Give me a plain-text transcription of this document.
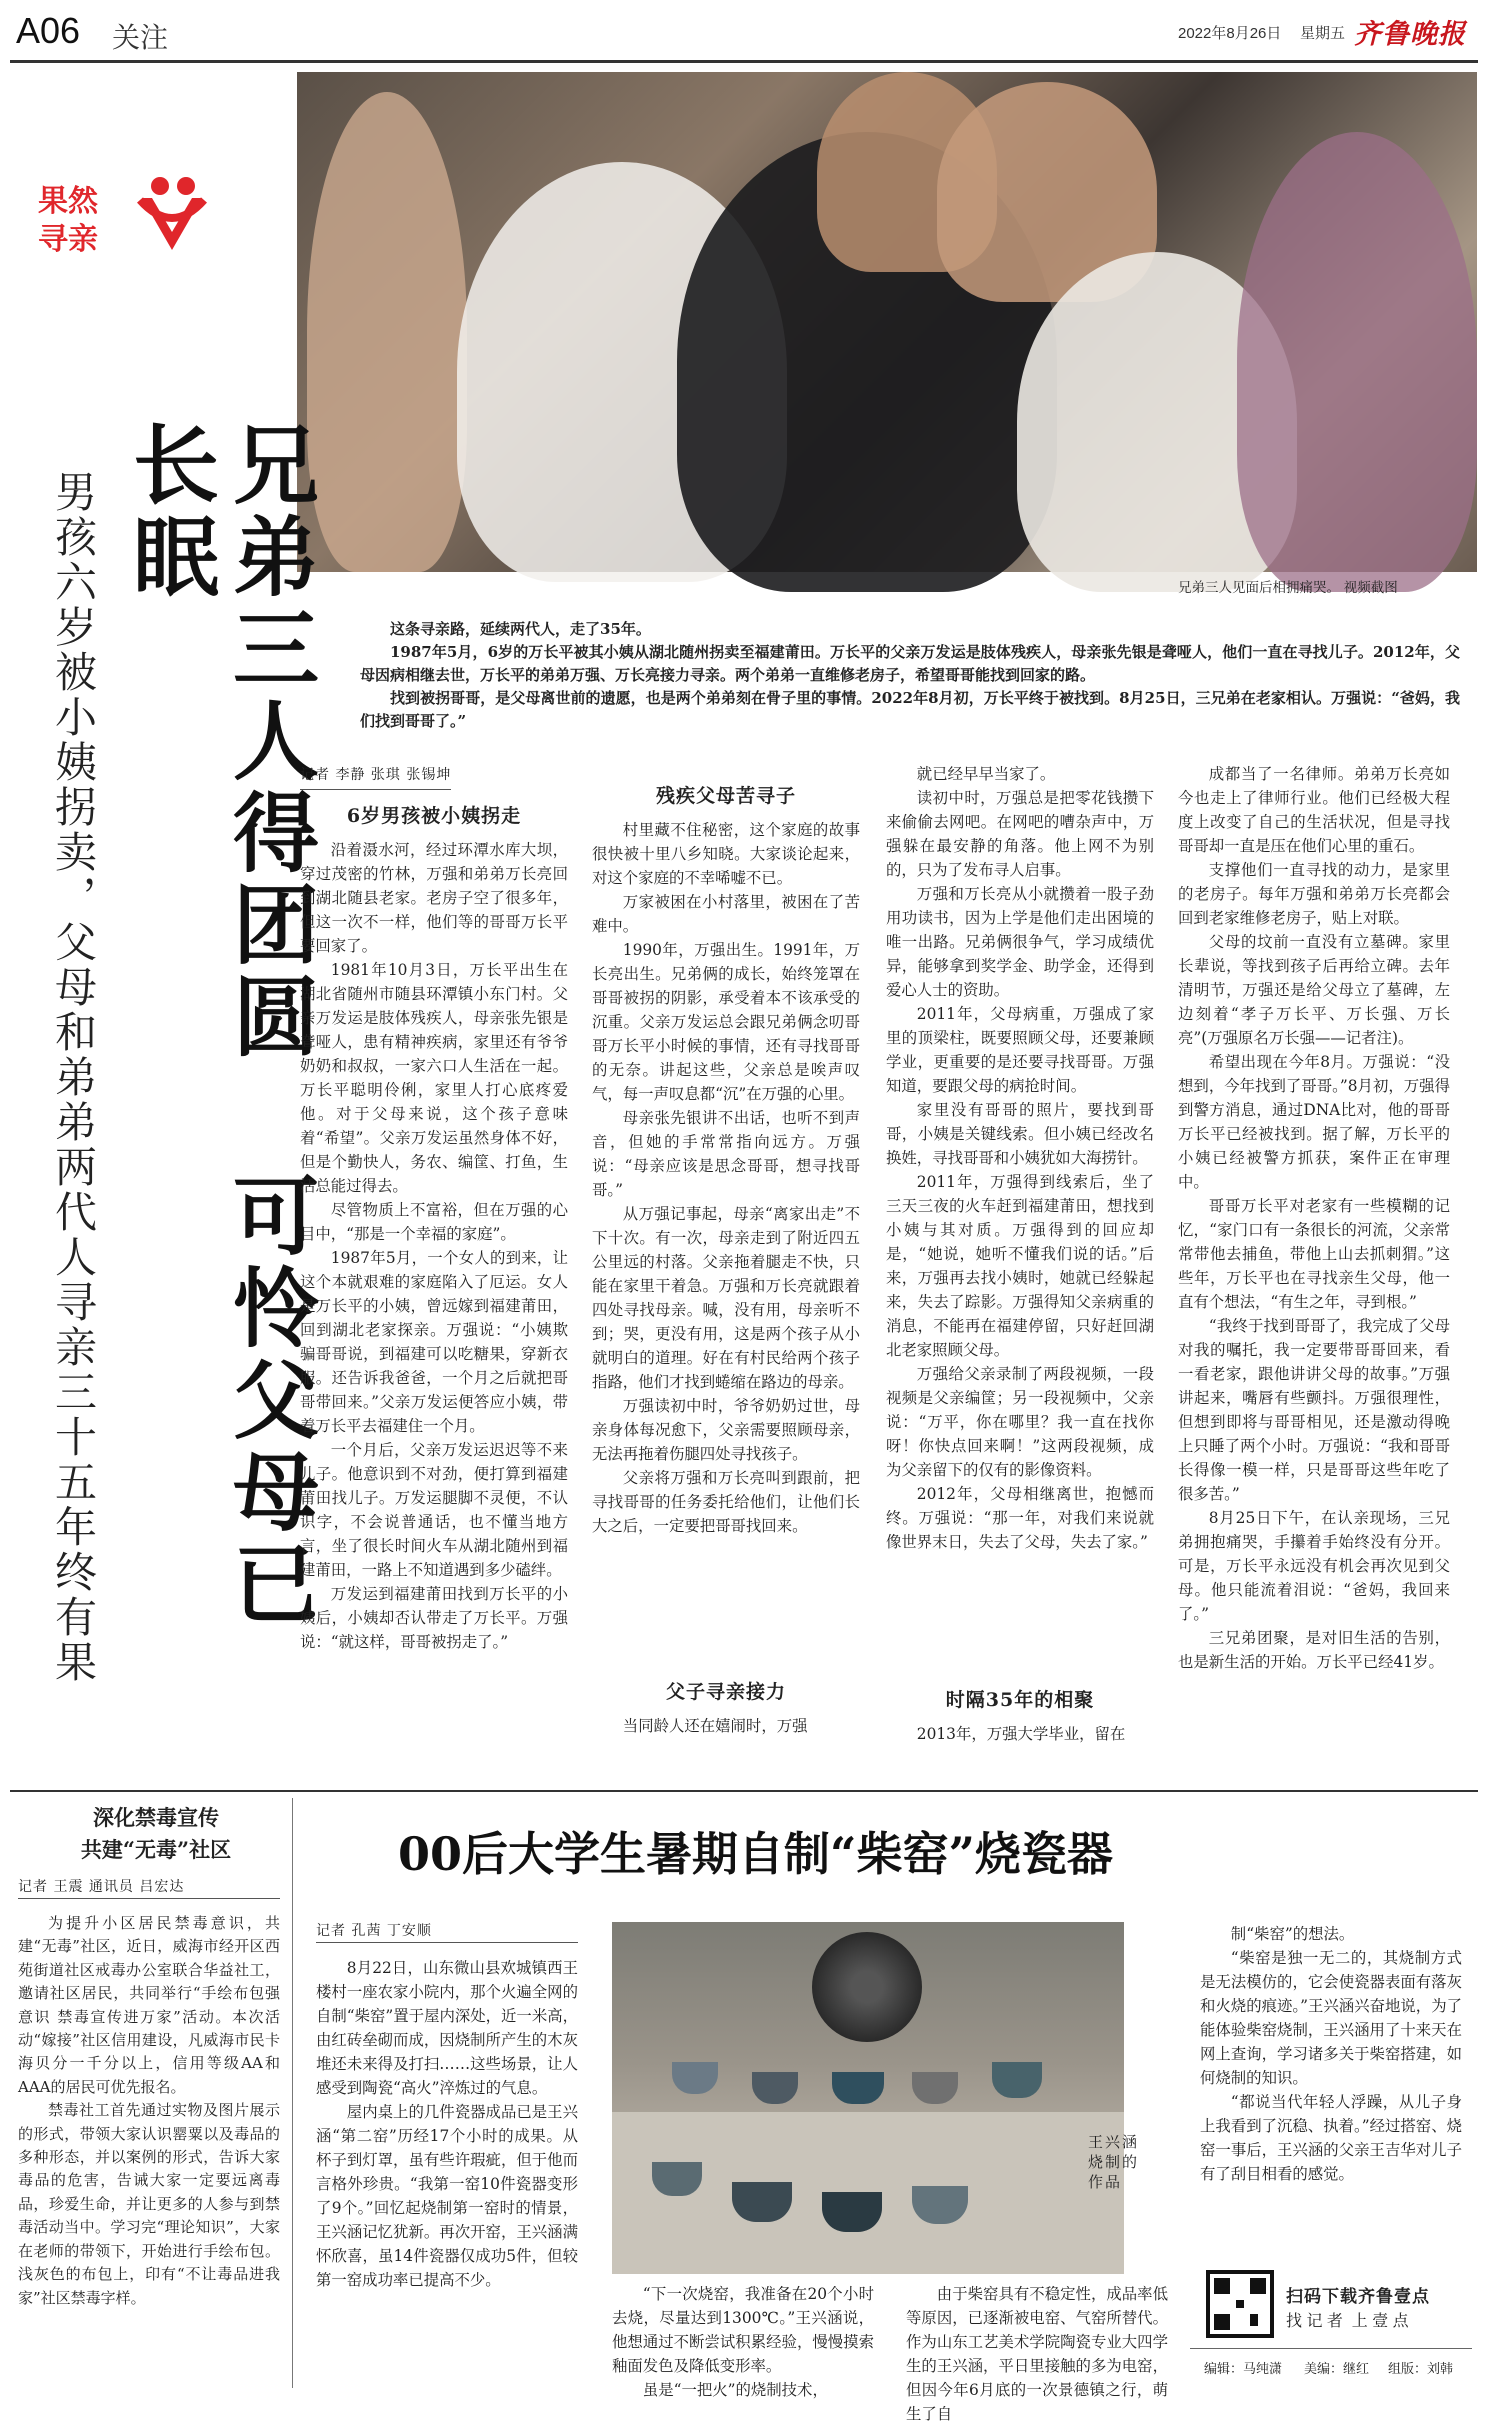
A06 关注	2022年8月26日 星期五 齐鲁晚报
兄弟三人见面后相拥痛哭。 视频截图
果然
寻亲
兄弟三人得团圆 可怜父母已长眠
男孩六岁被小姨拐卖，父母和弟弟两代人寻亲三十五年终有果	这条寻亲路，延续两代人，走了35年。

1987年5月，6岁的万长平被其小姨从湖北随州拐卖至福建莆田。万长平的父亲万发运是肢体残疾人，母亲张先银是聋哑人，他们一直在寻找儿子。2012年，父母因病相继去世，万长平的弟弟万强、万长亮接力寻亲。两个弟弟一直维修老房子，希望哥哥能找到回家的路。

找到被拐哥哥，是父母离世前的遗愿，也是两个弟弟刻在骨子里的事情。2022年8月初，万长平终于被找到。8月25日，三兄弟在老家相认。万强说：“爸妈，我们找到哥哥了。”

记者 李静 张琪 张锡坤
6岁男孩被小姨拐走

沿着滠水河，经过环潭水库大坝，穿过茂密的竹林，万强和弟弟万长亮回到湖北随县老家。老房子空了很多年，但这一次不一样，他们等的哥哥万长平要回家了。

1981年10月3日，万长平出生在湖北省随州市随县环潭镇小东门村。父亲万发运是肢体残疾人，母亲张先银是聋哑人，患有精神疾病，家里还有爷爷奶奶和叔叔，一家六口人生活在一起。万长平聪明伶俐，家里人打心底疼爱他。对于父母来说，这个孩子意味着“希望”。父亲万发运虽然身体不好，但是个勤快人，务农、编筐、打鱼，生活总能过得去。

尽管物质上不富裕，但在万强的心目中，“那是一个幸福的家庭”。

1987年5月，一个女人的到来，让这个本就艰难的家庭陷入了厄运。女人是万长平的小姨，曾远嫁到福建莆田，回到湖北老家探亲。万强说：“小姨欺骗哥哥说，到福建可以吃糖果，穿新衣服。还告诉我爸爸，一个月之后就把哥哥带回来。”父亲万发运便答应小姨，带着万长平去福建住一个月。

一个月后，父亲万发运迟迟等不来儿子。他意识到不对劲，便打算到福建莆田找儿子。万发运腿脚不灵便，不认识字，不会说普通话，也不懂当地方言，坐了很长时间火车从湖北随州到福建莆田，一路上不知道遇到多少磕绊。

万发运到福建莆田找到万长平的小姨后，小姨却否认带走了万长平。万强说：“就这样，哥哥被拐走了。”

残疾父母苦寻子

村里藏不住秘密，这个家庭的故事很快被十里八乡知晓。大家谈论起来，对这个家庭的不幸唏嘘不已。

万家被困在小村落里，被困在了苦难中。

1990年，万强出生。1991年，万长亮出生。兄弟俩的成长，始终笼罩在哥哥被拐的阴影，承受着本不该承受的沉重。父亲万发运总会跟兄弟俩念叨哥哥万长平小时候的事情，还有寻找哥哥的无奈。讲起这些，父亲总是唉声叹气，每一声叹息都“沉”在万强的心里。

母亲张先银讲不出话，也听不到声音，但她的手常常指向远方。万强说：“母亲应该是思念哥哥，想寻找哥哥。”

从万强记事起，母亲“离家出走”不下十次。有一次，母亲走到了附近四五公里远的村落。父亲拖着腿走不快，只能在家里干着急。万强和万长亮就跟着四处寻找母亲。喊，没有用，母亲听不到；哭，更没有用，这是两个孩子从小就明白的道理。好在有村民给两个孩子指路，他们才找到蜷缩在路边的母亲。

万强读初中时，爷爷奶奶过世，母亲身体每况愈下，父亲需要照顾母亲，无法再拖着伤腿四处寻找孩子。

父亲将万强和万长亮叫到跟前，把寻找哥哥的任务委托给他们，让他们长大之后，一定要把哥哥找回来。

父子寻亲接力

当同龄人还在嬉闹时，万强

就已经早早当家了。

读初中时，万强总是把零花钱攒下来偷偷去网吧。在网吧的嘈杂声中，万强躲在最安静的角落。他上网不为别的，只为了发布寻人启事。

万强和万长亮从小就攒着一股子劲用功读书，因为上学是他们走出困境的唯一出路。兄弟俩很争气，学习成绩优异，能够拿到奖学金、助学金，还得到爱心人士的资助。

2011年，父母病重，万强成了家里的顶梁柱，既要照顾父母，还要兼顾学业，更重要的是还要寻找哥哥。万强知道，要跟父母的病抢时间。

家里没有哥哥的照片，要找到哥哥，小姨是关键线索。但小姨已经改名换姓，寻找哥哥和小姨犹如大海捞针。

2011年，万强得到线索后，坐了三天三夜的火车赶到福建莆田，想找到小姨与其对质。万强得到的回应却是，“她说，她听不懂我们说的话。”后来，万强再去找小姨时，她就已经躲起来，失去了踪影。万强得知父亲病重的消息，不能再在福建停留，只好赶回湖北老家照顾父母。

万强给父亲录制了两段视频，一段视频是父亲编筐；另一段视频中，父亲说：“万平，你在哪里？我一直在找你呀！你快点回来啊！”这两段视频，成为父亲留下的仅有的影像资料。

2012年，父母相继离世，抱憾而终。万强说：“那一年，对我们来说就像世界末日，失去了父母，失去了家。”

时隔35年的相聚

2013年，万强大学毕业，留在

成都当了一名律师。弟弟万长亮如今也走上了律师行业。他们已经极大程度上改变了自己的生活状况，但是寻找哥哥却一直是压在他们心里的重石。

支撑他们一直寻找的动力，是家里的老房子。每年万强和弟弟万长亮都会回到老家维修老房子，贴上对联。

父母的坟前一直没有立墓碑。家里长辈说，等找到孩子后再给立碑。去年清明节，万强还是给父母立了墓碑，左边刻着“孝子万长平、万长强、万长亮”(万强原名万长强——记者注)。

希望出现在今年8月。万强说：“没想到，今年找到了哥哥。”8月初，万强得到警方消息，通过DNA比对，他的哥哥万长平已经被找到。据了解，万长平的小姨已经被警方抓获，案件正在审理中。

哥哥万长平对老家有一些模糊的记忆，“家门口有一条很长的河流，父亲常常带他去捕鱼，带他上山去抓刺猬。”这些年，万长平也在寻找亲生父母，他一直有个想法，“有生之年，寻到根。”

“我终于找到哥哥了，我完成了父母对我的嘱托，我一定要带哥哥回来，看一看老家，跟他讲讲父母的故事。”万强讲起来，嘴唇有些颤抖。万强很理性，但想到即将与哥哥相见，还是激动得晚上只睡了两个小时。万强说：“我和哥哥长得像一模一样，只是哥哥这些年吃了很多苦。”

8月25日下午，在认亲现场，三兄弟拥抱痛哭，手攥着手始终没有分开。可是，万长平永远没有机会再次见到父母。他只能流着泪说：“爸妈，我回来了。”

三兄弟团聚，是对旧生活的告别，也是新生活的开始。万长平已经41岁。

深化禁毒宣传
共建“无毒”社区
记者 王震 通讯员 吕宏达

为提升小区居民禁毒意识，共建“无毒”社区，近日，威海市经开区西苑街道社区戒毒办公室联合华益社工，邀请社区居民，共同举行“手绘布包强意识 禁毒宣传进万家”活动。本次活动“嫁接”社区信用建设，凡威海市民卡海贝分一千分以上，信用等级AA和AAA的居民可优先报名。

禁毒社工首先通过实物及图片展示的形式，带领大家认识罂粟以及毒品的多种形态，并以案例的形式，告诉大家毒品的危害，告诫大家一定要远离毒品，珍爱生命，并让更多的人参与到禁毒活动当中。学习完“理论知识”，大家在老师的带领下，开始进行手绘布包。浅灰色的布包上，印有“不让毒品进我家”社区禁毒字样。

00后大学生暑期自制“柴窑”烧瓷器
记者 孔茜 丁安顺

8月22日，山东微山县欢城镇西王楼村一座农家小院内，那个火遍全网的自制“柴窑”置于屋内深处，近一米高，由红砖垒砌而成，因烧制所产生的木灰堆还未来得及打扫……这些场景，让人感受到陶瓷“高火”淬炼过的气息。

屋内桌上的几件瓷器成品已是王兴涵“第二窑”历经17个小时的成果。从杯子到灯罩，虽有些许瑕疵，但于他而言格外珍贵。“我第一窑10件瓷器变形了9个。”回忆起烧制第一窑时的情景，王兴涵记忆犹新。再次开窑，王兴涵满怀欣喜，虽14件瓷器仅成功5件，但较第一窑成功率已提高不少。

王兴涵烧制的作品

“下一次烧窑，我准备在20个小时去烧，尽量达到1300℃。”王兴涵说，他想通过不断尝试积累经验，慢慢摸索釉面发色及降低变形率。

虽是“一把火”的烧制技术，

由于柴窑具有不稳定性，成品率低等原因，已逐渐被电窑、气窑所替代。作为山东工艺美术学院陶瓷专业大四学生的王兴涵，平日里接触的多为电窑，但因今年6月底的一次景德镇之行，萌生了自

制“柴窑”的想法。

“柴窑是独一无二的，其烧制方式是无法模仿的，它会使瓷器表面有落灰和火烧的痕迹。”王兴涵兴奋地说，为了能体验柴窑烧制，王兴涵用了十来天在网上查询，学习诸多关于柴窑搭建，如何烧制的知识。

“都说当代年轻人浮躁，从儿子身上我看到了沉稳、执着。”经过搭窑、烧窑一事后，王兴涵的父亲王吉华对儿子有了刮目相看的感觉。

扫码下载齐鲁壹点
找 记 者  上 壹 点
编辑：马纯潇 美编：继红 组版：刘韩
